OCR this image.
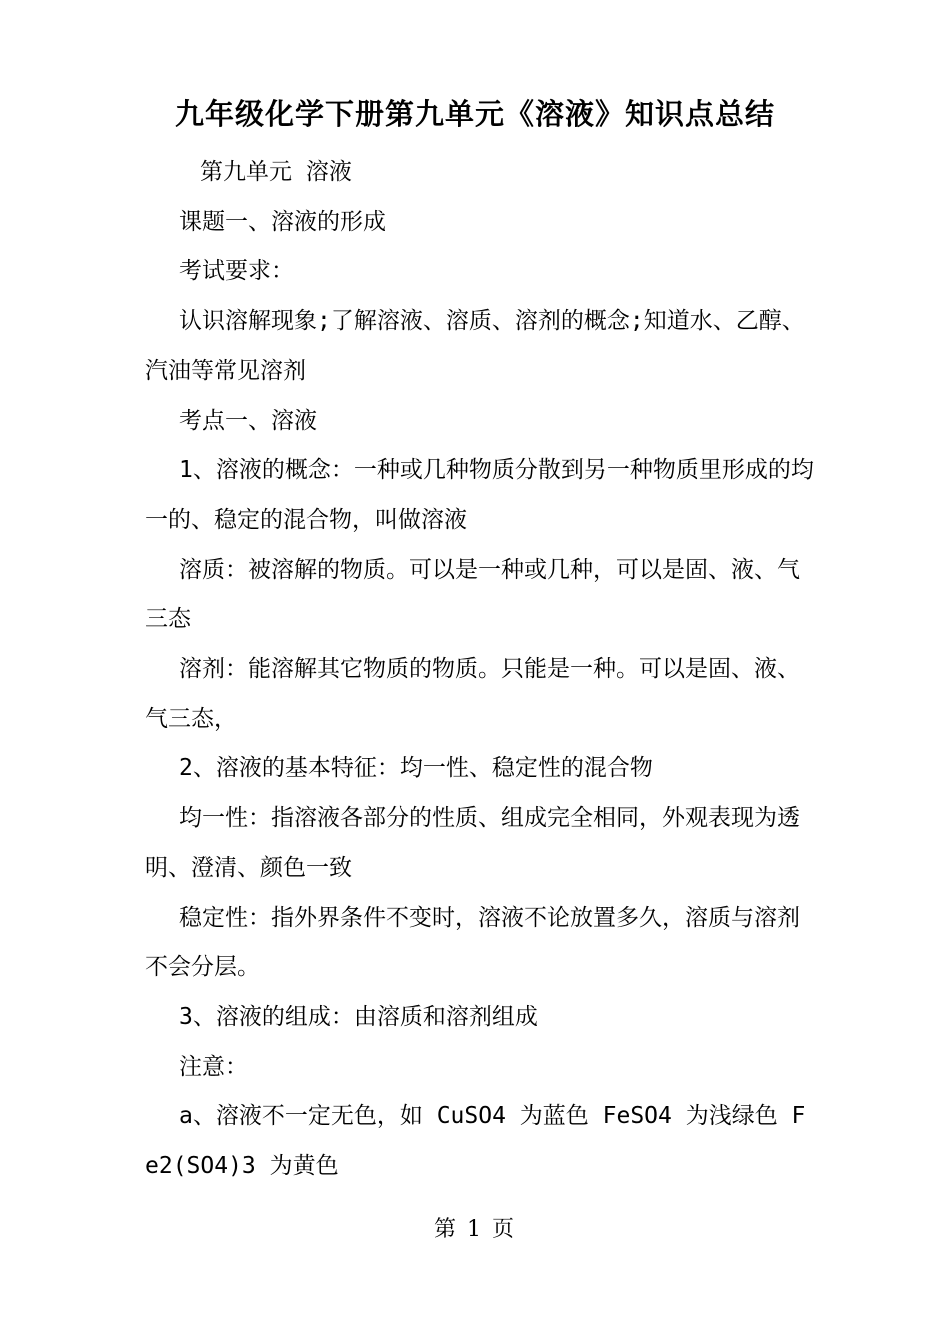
九年级化学下册第九单元《溶液》知识点总结

第九单元 溶液

课题一、溶液的形成

考试要求：

认识溶解现象;了解溶液、溶质、溶剂的概念;知道水、乙醇、汽油等常见溶剂

考点一、溶液

1、溶液的概念：一种或几种物质分散到另一种物质里形成的均一的、稳定的混合物，叫做溶液

溶质：被溶解的物质。可以是一种或几种，可以是固、液、气三态

溶剂：能溶解其它物质的物质。只能是一种。可以是固、液、气三态，

2、溶液的基本特征：均一性、稳定性的混合物

均一性：指溶液各部分的性质、组成完全相同，外观表现为透明、澄清、颜色一致

稳定性：指外界条件不变时，溶液不论放置多久，溶质与溶剂不会分层。

3、溶液的组成：由溶质和溶剂组成

注意：

a、溶液不一定无色，如 CuSO4 为蓝色 FeSO4 为浅绿色 Fe2(SO4)3 为黄色

第 1 页
